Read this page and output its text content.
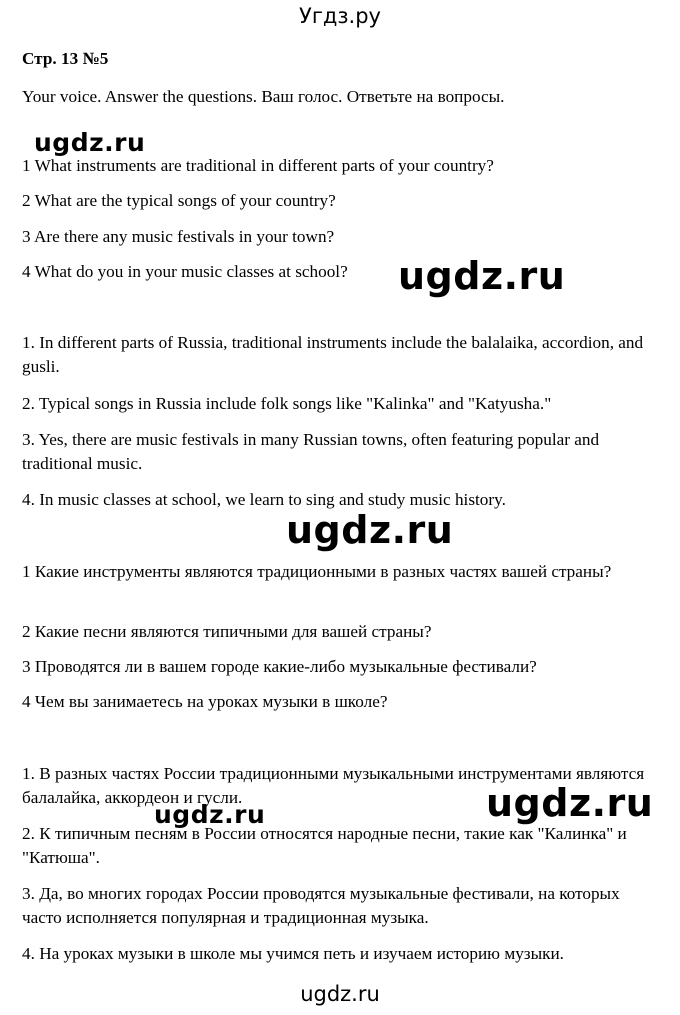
Угдз.ру

Стр. 13 №5

Your voice. Answer the questions. Ваш голос. Ответьте на вопросы.

1 What instruments are traditional in different parts of your country?

2 What are the typical songs of your country?

3 Are there any music festivals in your town?

4 What do you in your music classes at school?

1. In different parts of Russia, traditional instruments include the balalaika, accordion, and gusli.

2. Typical songs in Russia include folk songs like "Kalinka" and "Katyusha."

3. Yes, there are music festivals in many Russian towns, often featuring popular and traditional music.

4. In music classes at school, we learn to sing and study music history.

1 Какие инструменты являются традиционными в разных частях вашей страны?

2 Какие песни являются типичными для вашей страны?

3 Проводятся ли в вашем городе какие-либо музыкальные фестивали?

4 Чем вы занимаетесь на уроках музыки в школе?

1. В разных частях России традиционными музыкальными инструментами являются балалайка, аккордеон и гусли.

2. К типичным песням в России относятся народные песни, такие как "Калинка" и "Катюша".

3. Да, во многих городах России проводятся музыкальные фестивали, на которых часто исполняется популярная и традиционная музыка.

4. На уроках музыки в школе мы учимся петь и изучаем историю музыки.

ugdz.ru
ugdz.ru
ugdz.ru
ugdz.ru
ugdz.ru
ugdz.ru
